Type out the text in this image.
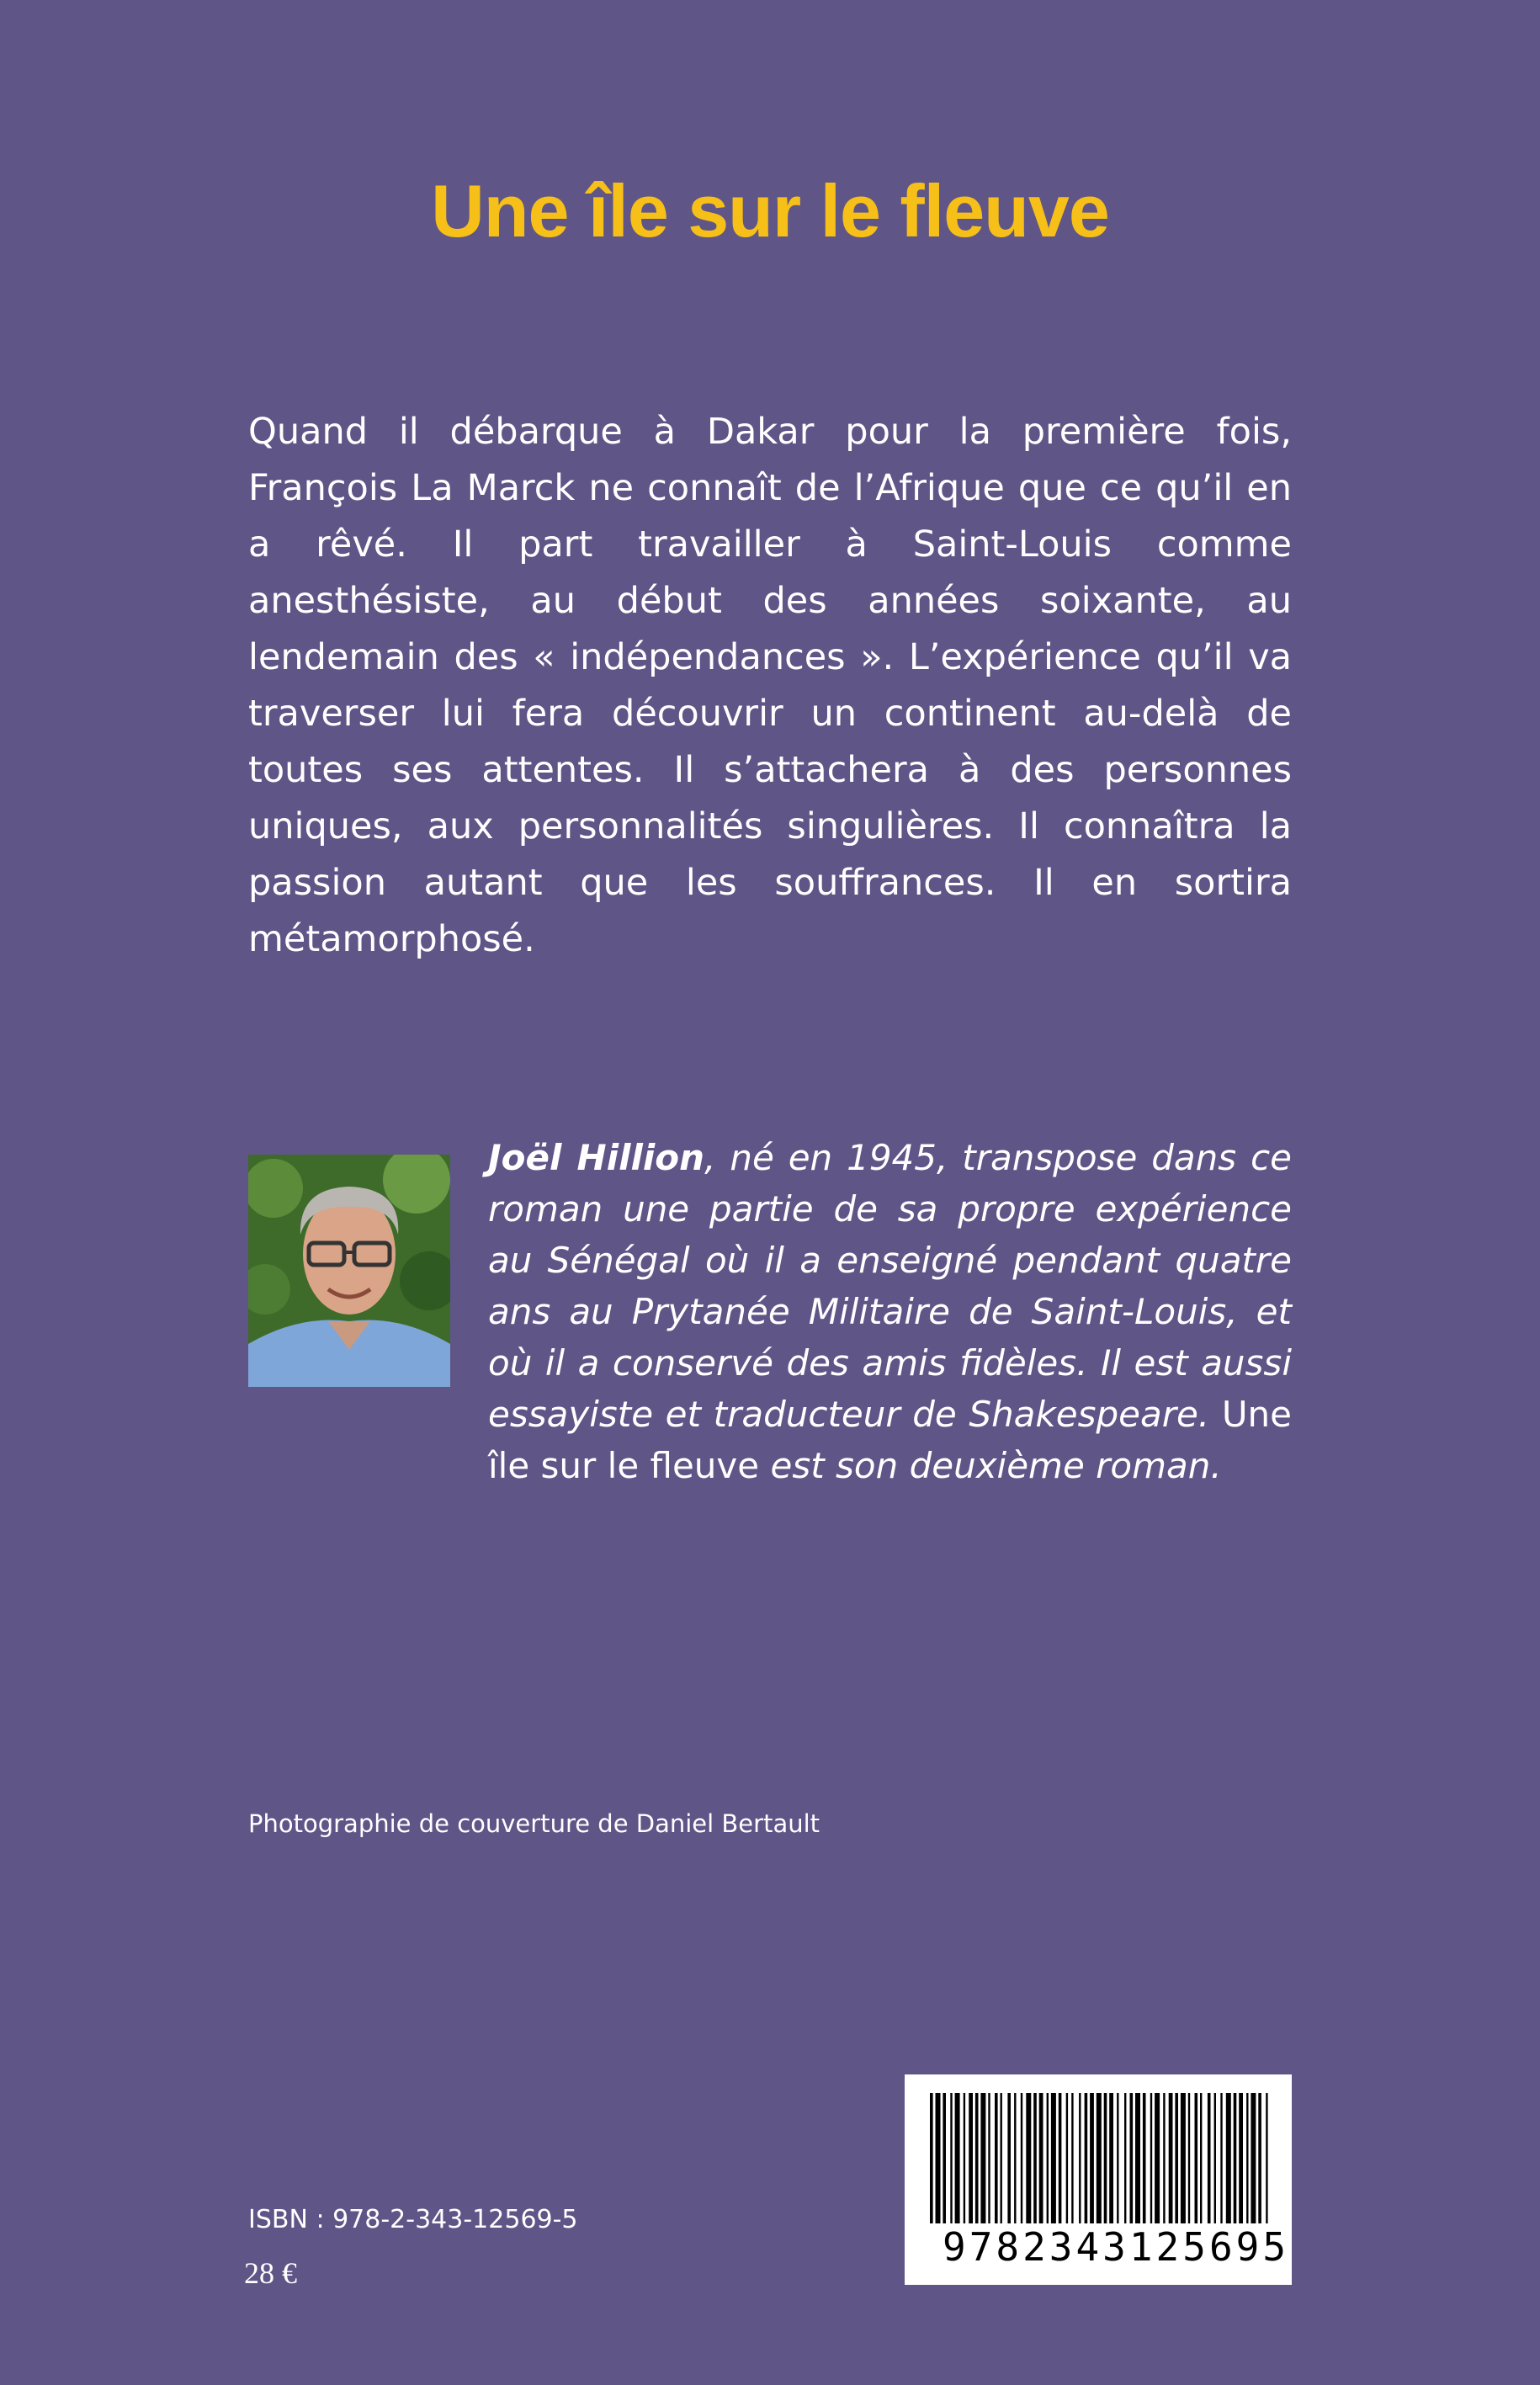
Une île sur le fleuve

Quand il débarque à Dakar pour la première fois, François La Marck ne connaît de l’Afrique que ce qu’il en a rêvé. Il part travailler à Saint-Louis comme anesthésiste, au début des années soixante, au lendemain des « indépendances ». L’expérience qu’il va traverser lui fera découvrir un continent au-delà de toutes ses attentes. Il s’attachera à des personnes uniques, aux personnalités singulières. Il connaîtra la passion autant que les souffrances. Il en sortira métamorphosé.

Joël Hillion, né en 1945, transpose dans ce roman une partie de sa propre expérience au Sénégal où il a enseigné pendant quatre ans au Prytanée Militaire de Saint-Louis, et où il a conservé des amis fidèles. Il est aussi essayiste et traducteur de Shakespeare. Une île sur le fleuve est son deuxième roman.

Photographie de couverture de Daniel Bertault
ISBN : 978-2-343-12569-5
28 €
9782343125695
